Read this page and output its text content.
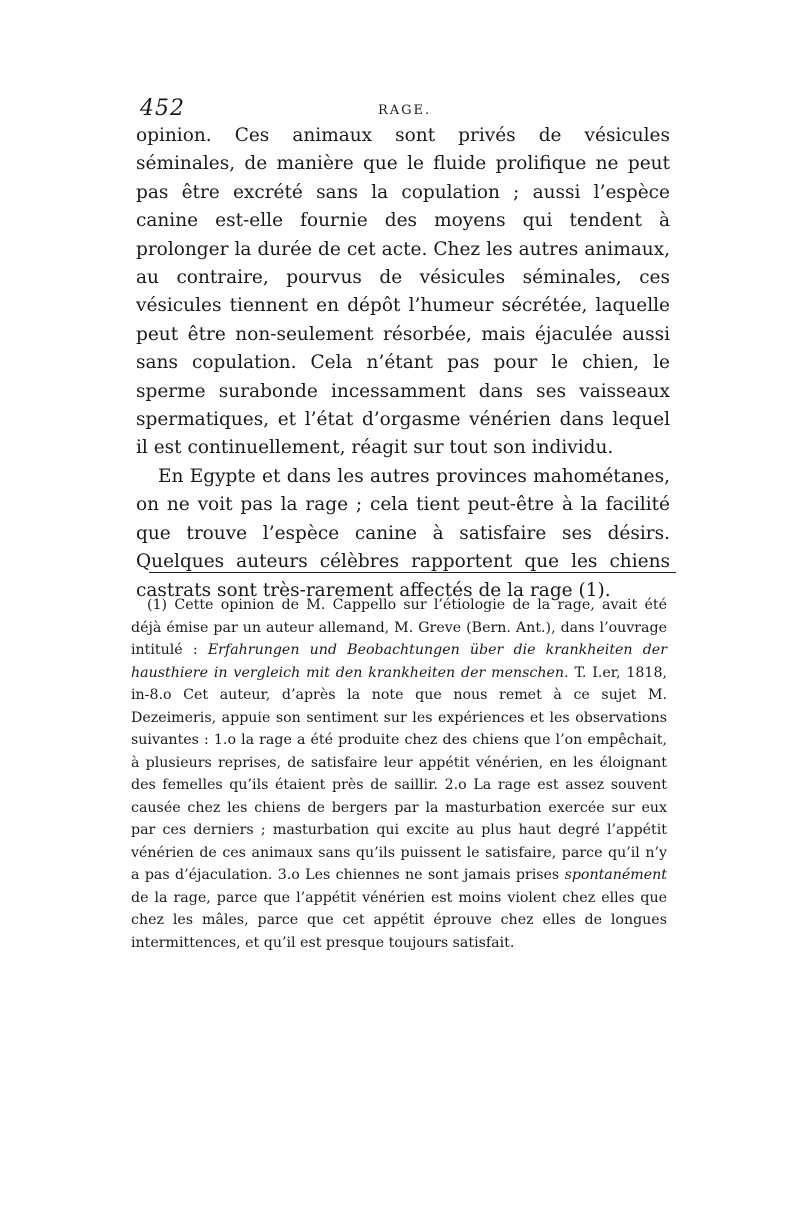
452	RAGE.

opinion. Ces animaux sont privés de vésicules séminales, de manière que le fluide prolifique ne peut pas être excrété sans la copulation ; aussi l’espèce canine est-elle fournie des moyens qui tendent à prolonger la durée de cet acte. Chez les autres animaux, au contraire, pourvus de vésicules séminales, ces vésicules tiennent en dépôt l’humeur sécrétée, laquelle peut être non-seulement résorbée, mais éjaculée aussi sans copulation. Cela n’étant pas pour le chien, le sperme surabonde incessamment dans ses vaisseaux spermatiques, et l’état d’orgasme vénérien dans lequel il est continuellement, réagit sur tout son individu.

En Egypte et dans les autres provinces mahométanes, on ne voit pas la rage ; cela tient peut-être à la facilité que trouve l’espèce canine à satisfaire ses désirs. Quelques auteurs célèbres rapportent que les chiens castrats sont très-rarement affectés de la rage (1).

(1) Cette opinion de M. Cappello sur l’étiologie de la rage, avait été déjà émise par un auteur allemand, M. Greve (Bern. Ant.), dans l’ouvrage intitulé : Erfahrungen und Beobachtungen über die krankheiten der hausthiere in vergleich mit den krankheiten der menschen. T. I.er, 1818, in-8.o Cet auteur, d’après la note que nous remet à ce sujet M. Dezeimeris, appuie son sentiment sur les expériences et les observations suivantes : 1.o la rage a été produite chez des chiens que l’on empêchait, à plusieurs reprises, de satisfaire leur appétit vénérien, en les éloignant des femelles qu’ils étaient près de saillir. 2.o La rage est assez souvent causée chez les chiens de bergers par la masturbation exercée sur eux par ces derniers ; masturbation qui excite au plus haut degré l’appétit vénérien de ces animaux sans qu’ils puissent le satisfaire, parce qu’il n’y a pas d’éjaculation. 3.o Les chiennes ne sont jamais prises spontanément de la rage, parce que l’appétit vénérien est moins violent chez elles que chez les mâles, parce que cet appétit éprouve chez elles de longues intermittences, et qu’il est presque toujours satisfait.
